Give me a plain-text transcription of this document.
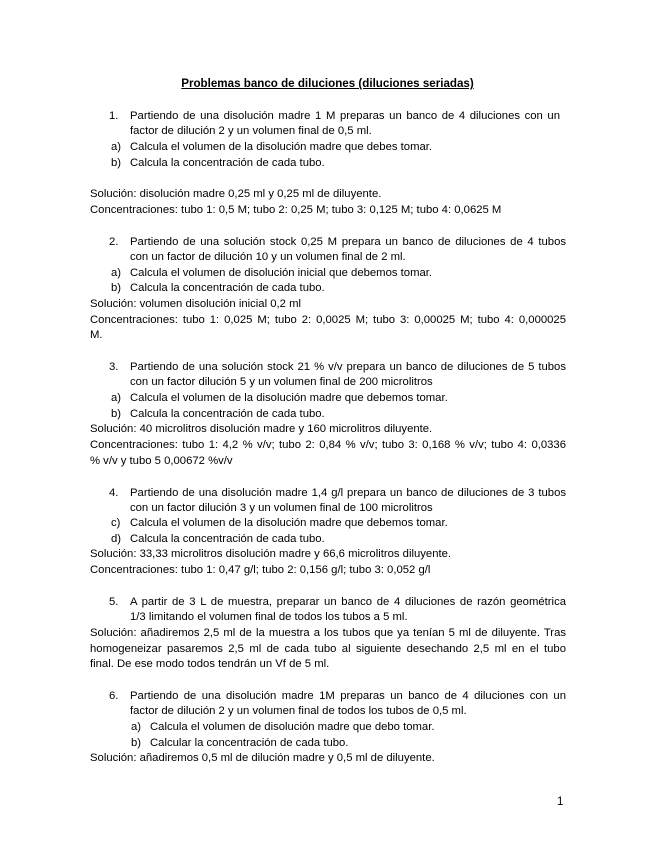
Problemas banco de diluciones (diluciones seriadas)
1. Partiendo de una disolución madre 1 M preparas un banco de 4 diluciones con un
factor de dilución 2 y un volumen final de 0,5 ml.
a) Calcula el volumen de la disolución madre que debes tomar.
b) Calcula la concentración de cada tubo.
Solución: disolución madre 0,25 ml y 0,25 ml de diluyente.
Concentraciones: tubo 1: 0,5 M; tubo 2: 0,25 M; tubo 3: 0,125 M; tubo 4: 0,0625 M
2. Partiendo de una solución stock 0,25 M prepara un banco de diluciones de 4 tubos
con un factor de dilución 10 y un volumen final de 2 ml.
a) Calcula el volumen de disolución inicial que debemos tomar.
b) Calcula la concentración de cada tubo.
Solución: volumen disolución inicial 0,2 ml
Concentraciones: tubo 1: 0,025 M; tubo 2: 0,0025 M; tubo 3: 0,00025 M; tubo 4: 0,000025
M.
3. Partiendo de una solución stock 21 % v/v prepara un banco de diluciones de 5 tubos
con un factor dilución 5 y un volumen final de 200 microlitros
a) Calcula el volumen de la disolución madre que debemos tomar.
b) Calcula la concentración de cada tubo.
Solución: 40 microlitros disolución madre y 160 microlitros diluyente.
Concentraciones: tubo 1: 4,2 % v/v; tubo 2: 0,84 % v/v; tubo 3: 0,168 % v/v; tubo 4: 0,0336
% v/v y tubo 5 0,00672 %v/v
4. Partiendo de una disolución madre 1,4 g/l prepara un banco de diluciones de 3 tubos
con un factor dilución 3 y un volumen final de 100 microlitros
c) Calcula el volumen de la disolución madre que debemos tomar.
d) Calcula la concentración de cada tubo.
Solución: 33,33 microlitros disolución madre y 66,6 microlitros diluyente.
Concentraciones: tubo 1: 0,47 g/l; tubo 2: 0,156 g/l; tubo 3: 0,052 g/l
5. A partir de 3 L de muestra, preparar un banco de 4 diluciones de razón geométrica
1/3 limitando el volumen final de todos los tubos a 5 ml.
Solución: añadiremos 2,5 ml de la muestra a los tubos que ya tenían 5 ml de diluyente. Tras
homogeneizar pasaremos 2,5 ml de cada tubo al siguiente desechando 2,5 ml en el tubo
final. De ese modo todos tendrán un Vf de 5 ml.
6. Partiendo de una disolución madre 1M preparas un banco de 4 diluciones con un
factor de dilución 2 y un volumen final de todos los tubos de 0,5 ml.
a) Calcula el volumen de disolución madre que debo tomar.
b) Calcular la concentración de cada tubo.
Solución: añadiremos 0,5 ml de dilución madre y 0,5 ml de diluyente.
1
